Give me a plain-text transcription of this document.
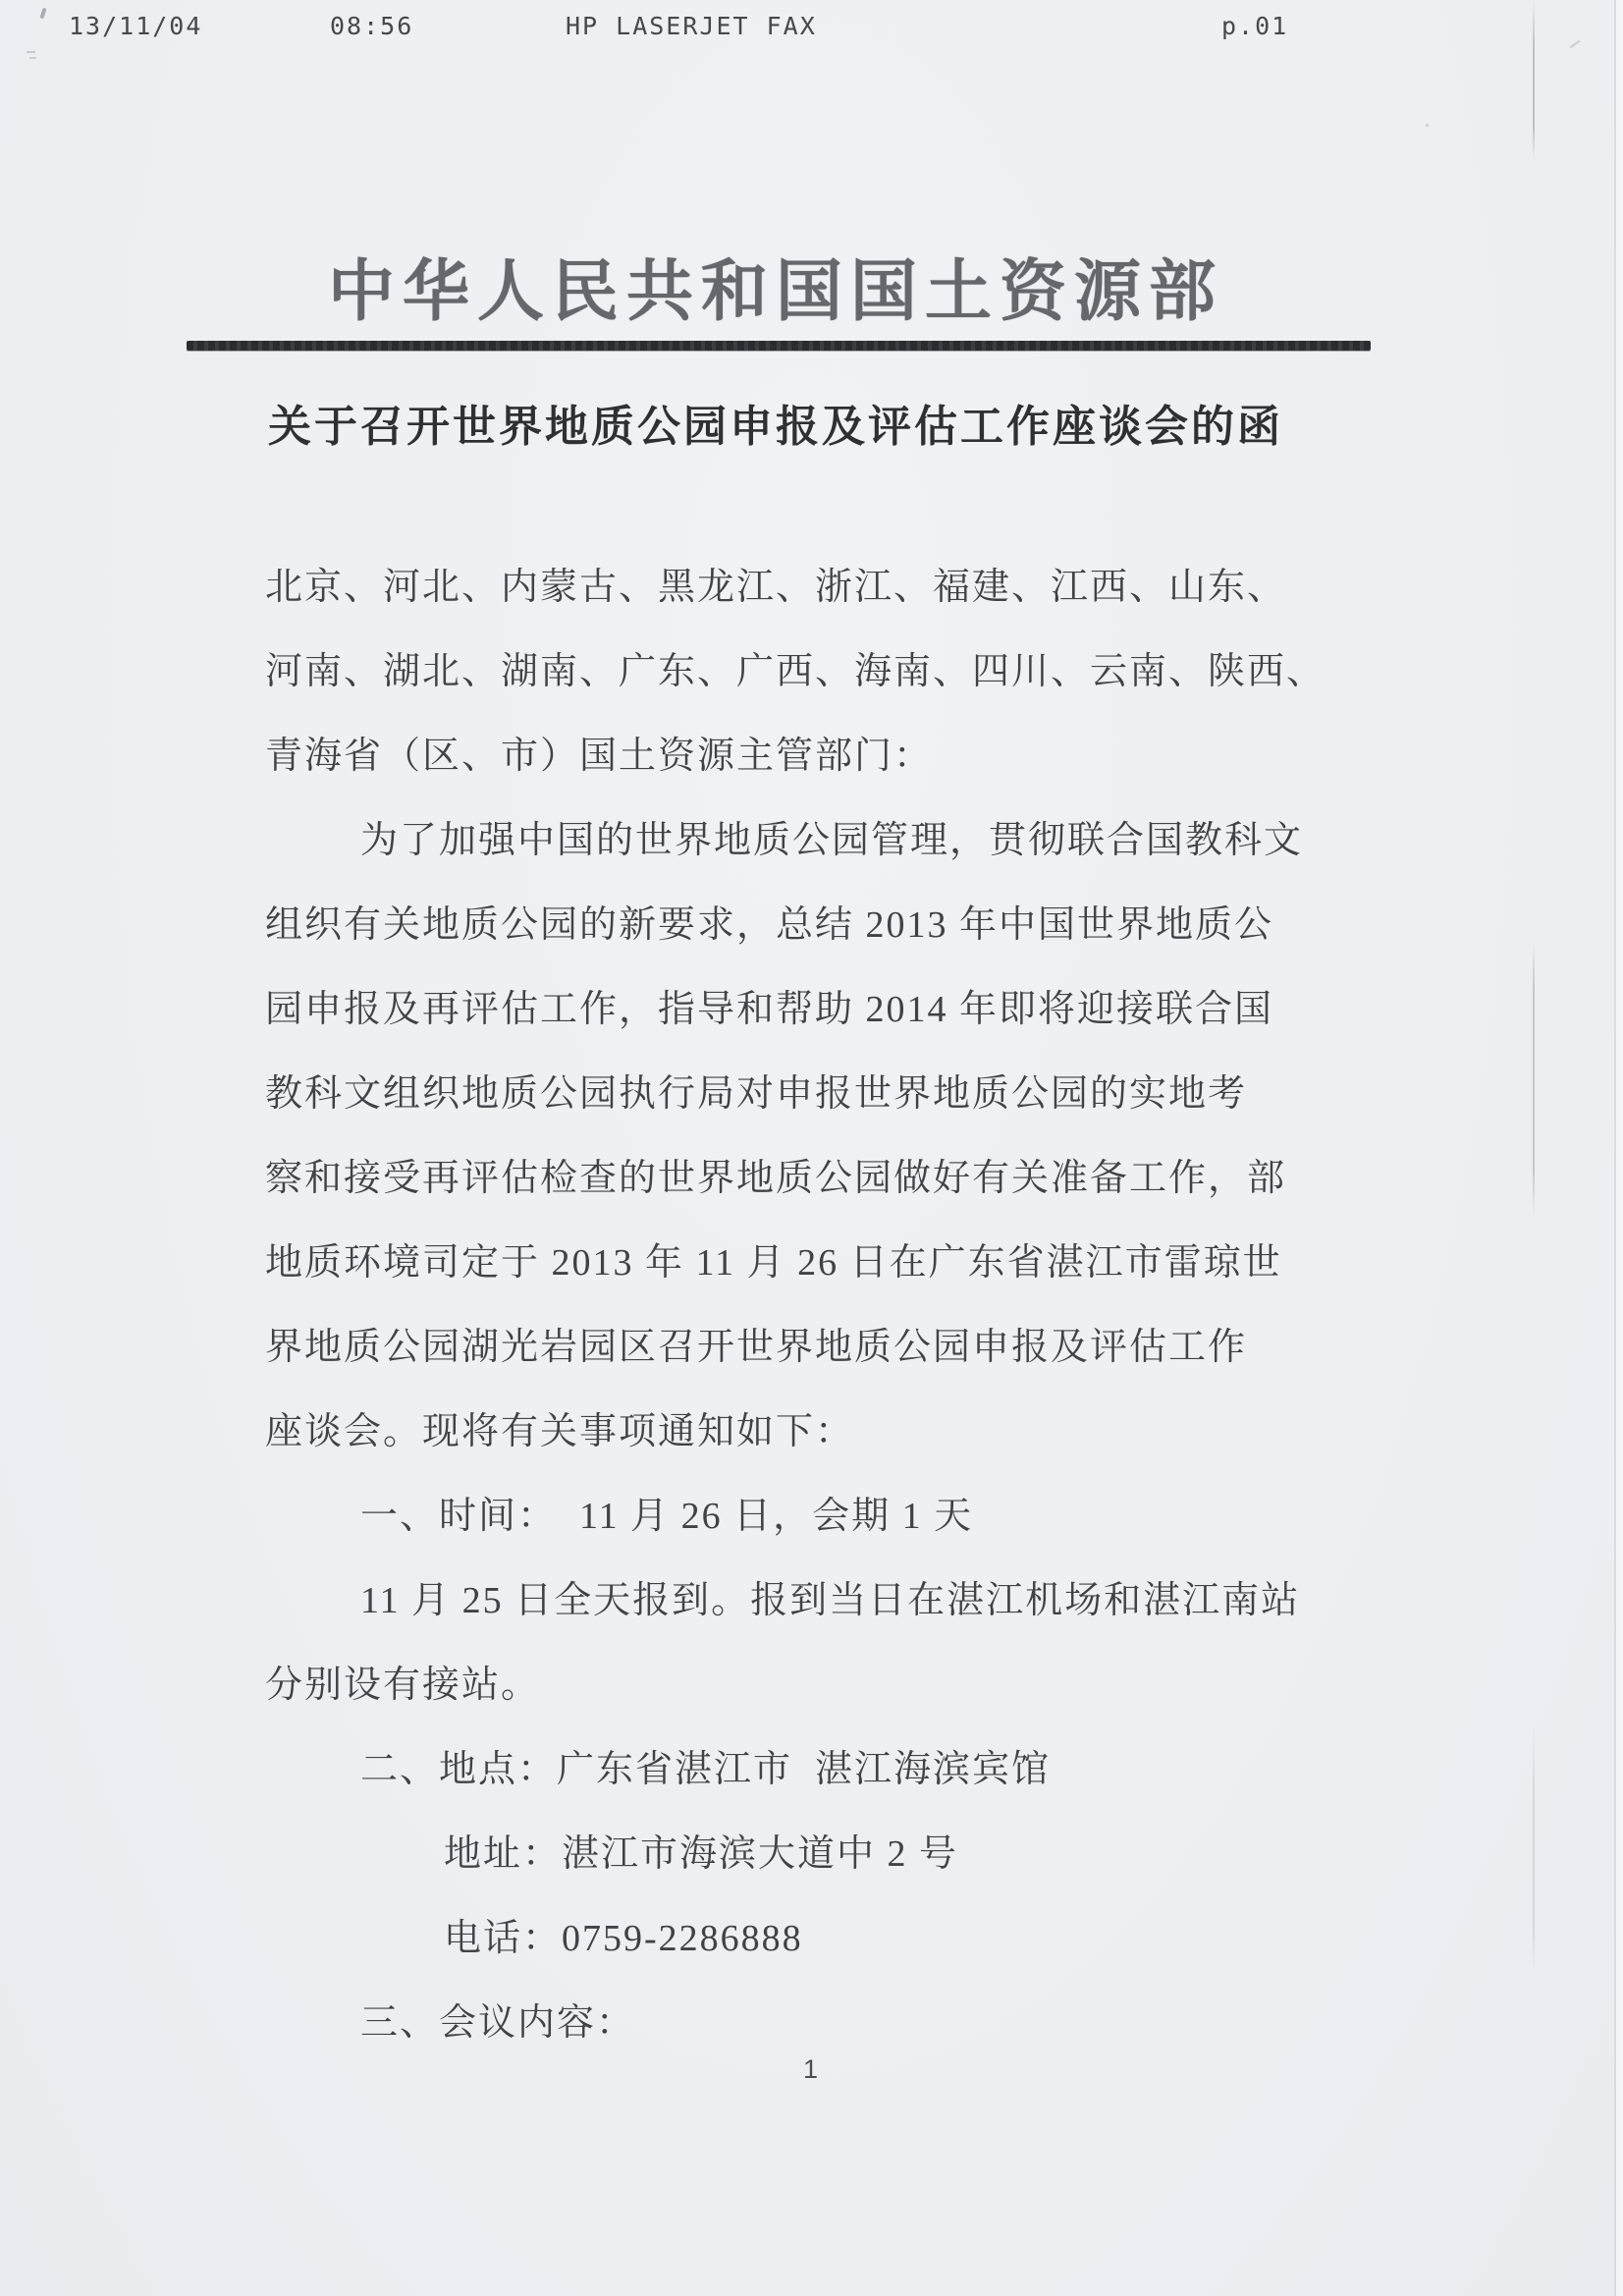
13/11/04	08:56	HP LASERJET FAX	p.01
中华人民共和国国土资源部
关于召开世界地质公园申报及评估工作座谈会的函

北京、河北、内蒙古、黑龙江、浙江、福建、江西、山东、

河南、湖北、湖南、广东、广西、海南、四川、云南、陕西、

青海省（区、市）国土资源主管部门：

为了加强中国的世界地质公园管理，贯彻联合国教科文

组织有关地质公园的新要求，总结 2013 年中国世界地质公

园申报及再评估工作，指导和帮助 2014 年即将迎接联合国

教科文组织地质公园执行局对申报世界地质公园的实地考

察和接受再评估检查的世界地质公园做好有关准备工作，部

地质环境司定于 2013 年 11 月 26 日在广东省湛江市雷琼世

界地质公园湖光岩园区召开世界地质公园申报及评估工作

座谈会。现将有关事项通知如下：

一、时间：  11 月 26 日，会期 1 天

11 月 25 日全天报到。报到当日在湛江机场和湛江南站

分别设有接站。

二、地点：广东省湛江市  湛江海滨宾馆

地址：湛江市海滨大道中 2 号

电话：0759-2286888

三、会议内容：

1
